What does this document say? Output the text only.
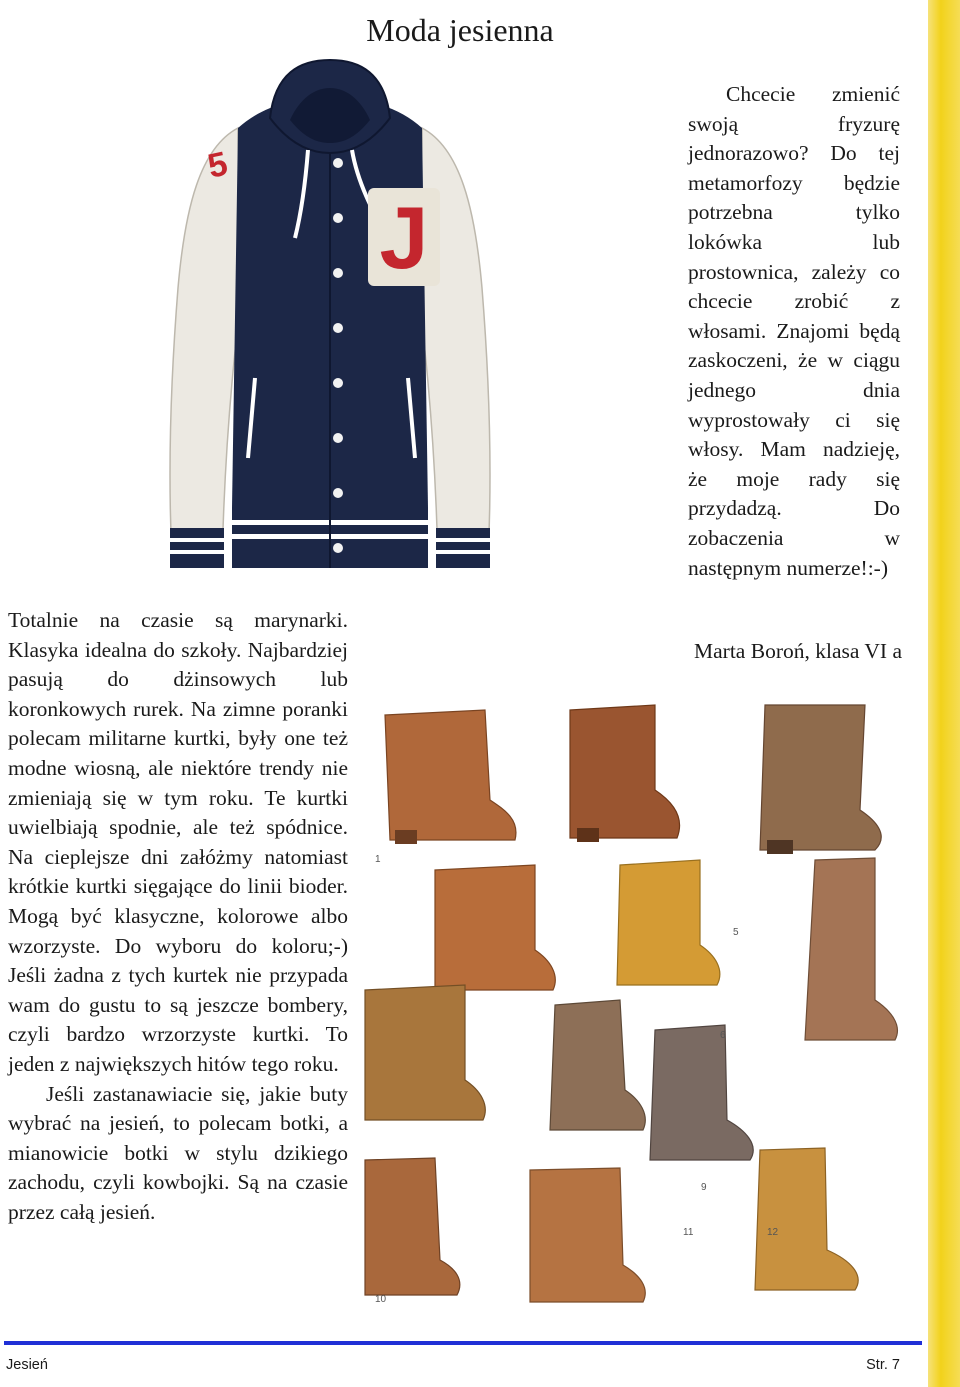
Moda jesienna
J
5
1
5
6
9
10
11	12

Totalnie na czasie są marynarki. Klasyka idealna do szkoły. Najbardziej pasują do dżinsowych lub koronkowych rurek. Na zimne poranki polecam militarne kurtki, były one też modne wiosną, ale niektóre trendy nie zmieniają się w tym roku. Te kurtki uwielbiają spodnie, ale też spódnice. Na cieplejsze dni załóżmy natomiast krótkie kurtki sięgające do linii bioder. Mogą być klasyczne, kolorowe albo wzorzyste. Do wyboru do koloru;-) Jeśli żadna z tych kurtek nie przypada wam do gustu to są jeszcze bombery, czyli bardzo wrzorzyste kurtki. To jeden z największych hitów tego roku.

Jeśli zastanawiacie się, jakie buty wybrać na jesień, to polecam botki, a mianowicie botki w stylu dzikiego zachodu, czyli kowbojki. Są na czasie przez całą jesień.

Chcecie zmienić swoją fryzurę jednorazowo? Do tej metamorfozy będzie potrzebna tylko lokówka lub prostownica, zależy co chcecie zrobić z włosami. Znajomi będą zaskoczeni, że w ciągu jednego dnia wyprostowały ci się włosy. Mam nadzieję, że moje rady się przydadzą. Do zobaczenia w następnym numerze!:-)

Marta Boroń, klasa VI a
Jesień	Str. 7
